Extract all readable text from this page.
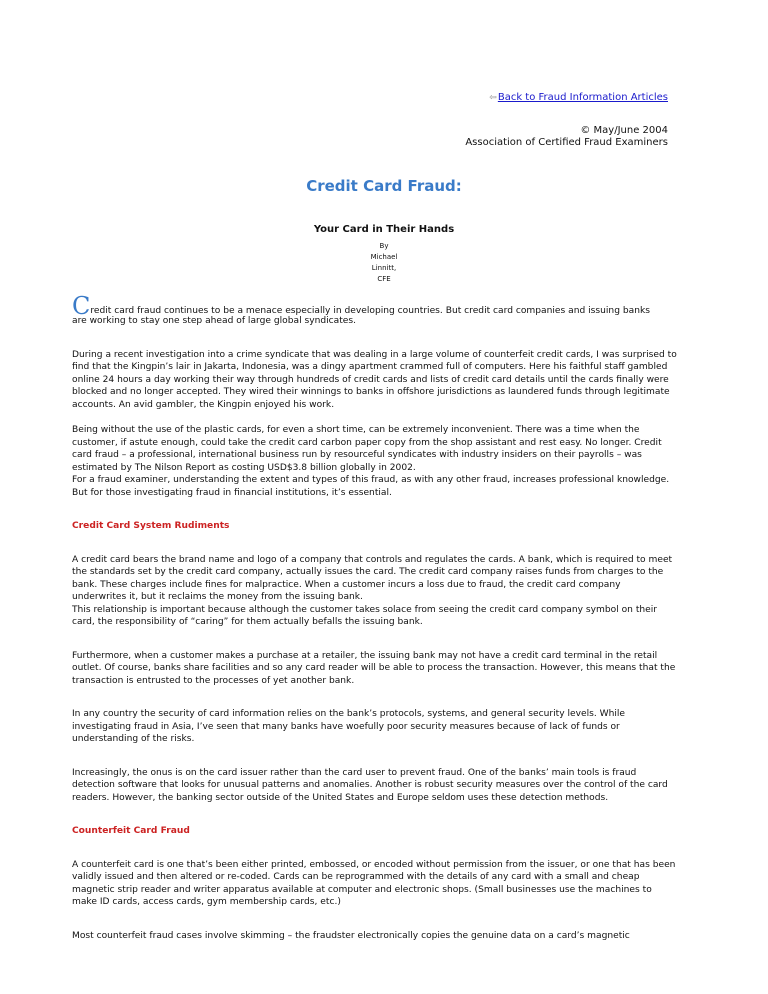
⇦Back to Fraud Information Articles
© May/June 2004
Association of Certified Fraud Examiners
Credit Card Fraud:
Your Card in Their Hands
By
Michael
Linnitt,
CFE
Credit card fraud continues to be a menace especially in developing countries. But credit card companies and issuing banks

are working to stay one step ahead of large global syndicates.

During a recent investigation into a crime syndicate that was dealing in a large volume of counterfeit credit cards, I was surprised to find that the Kingpin’s lair in Jakarta, Indonesia, was a dingy apartment crammed full of computers. Here his faithful staff gambled online 24 hours a day working their way through hundreds of credit cards and lists of credit card details until the cards finally were blocked and no longer accepted. They wired their winnings to banks in offshore jurisdictions as laundered funds through legitimate accounts. An avid gambler, the Kingpin enjoyed his work.

Being without the use of the plastic cards, for even a short time, can be extremely inconvenient. There was a time when the customer, if astute enough, could take the credit card carbon paper copy from the shop assistant and rest easy. No longer. Credit card fraud – a professional, international business run by resourceful syndicates with industry insiders on their payrolls – was estimated by The Nilson Report as costing USD$3.8 billion globally in 2002.

For a fraud examiner, understanding the extent and types of this fraud, as with any other fraud, increases professional knowledge. But for those investigating fraud in financial institutions, it’s essential.

Credit Card System Rudiments

A credit card bears the brand name and logo of a company that controls and regulates the cards. A bank, which is required to meet the standards set by the credit card company, actually issues the card. The credit card company raises funds from charges to the bank. These charges include fines for malpractice. When a customer incurs a loss due to fraud, the credit card company underwrites it, but it reclaims the money from the issuing bank.

This relationship is important because although the customer takes solace from seeing the credit card company symbol on their card, the responsibility of “caring” for them actually befalls the issuing bank.

Furthermore, when a customer makes a purchase at a retailer, the issuing bank may not have a credit card terminal in the retail outlet. Of course, banks share facilities and so any card reader will be able to process the transaction. However, this means that the transaction is entrusted to the processes of yet another bank.

In any country the security of card information relies on the bank’s protocols, systems, and general security levels. While investigating fraud in Asia, I’ve seen that many banks have woefully poor security measures because of lack of funds or understanding of the risks.

Increasingly, the onus is on the card issuer rather than the card user to prevent fraud. One of the banks’ main tools is fraud detection software that looks for unusual patterns and anomalies. Another is robust security measures over the control of the card readers. However, the banking sector outside of the United States and Europe seldom uses these detection methods.

Counterfeit Card Fraud

A counterfeit card is one that’s been either printed, embossed, or encoded without permission from the issuer, or one that has been validly issued and then altered or re-coded. Cards can be reprogrammed with the details of any card with a small and cheap magnetic strip reader and writer apparatus available at computer and electronic shops. (Small businesses use the machines to make ID cards, access cards, gym membership cards, etc.)

Most counterfeit fraud cases involve skimming – the fraudster electronically copies the genuine data on a card’s magnetic
